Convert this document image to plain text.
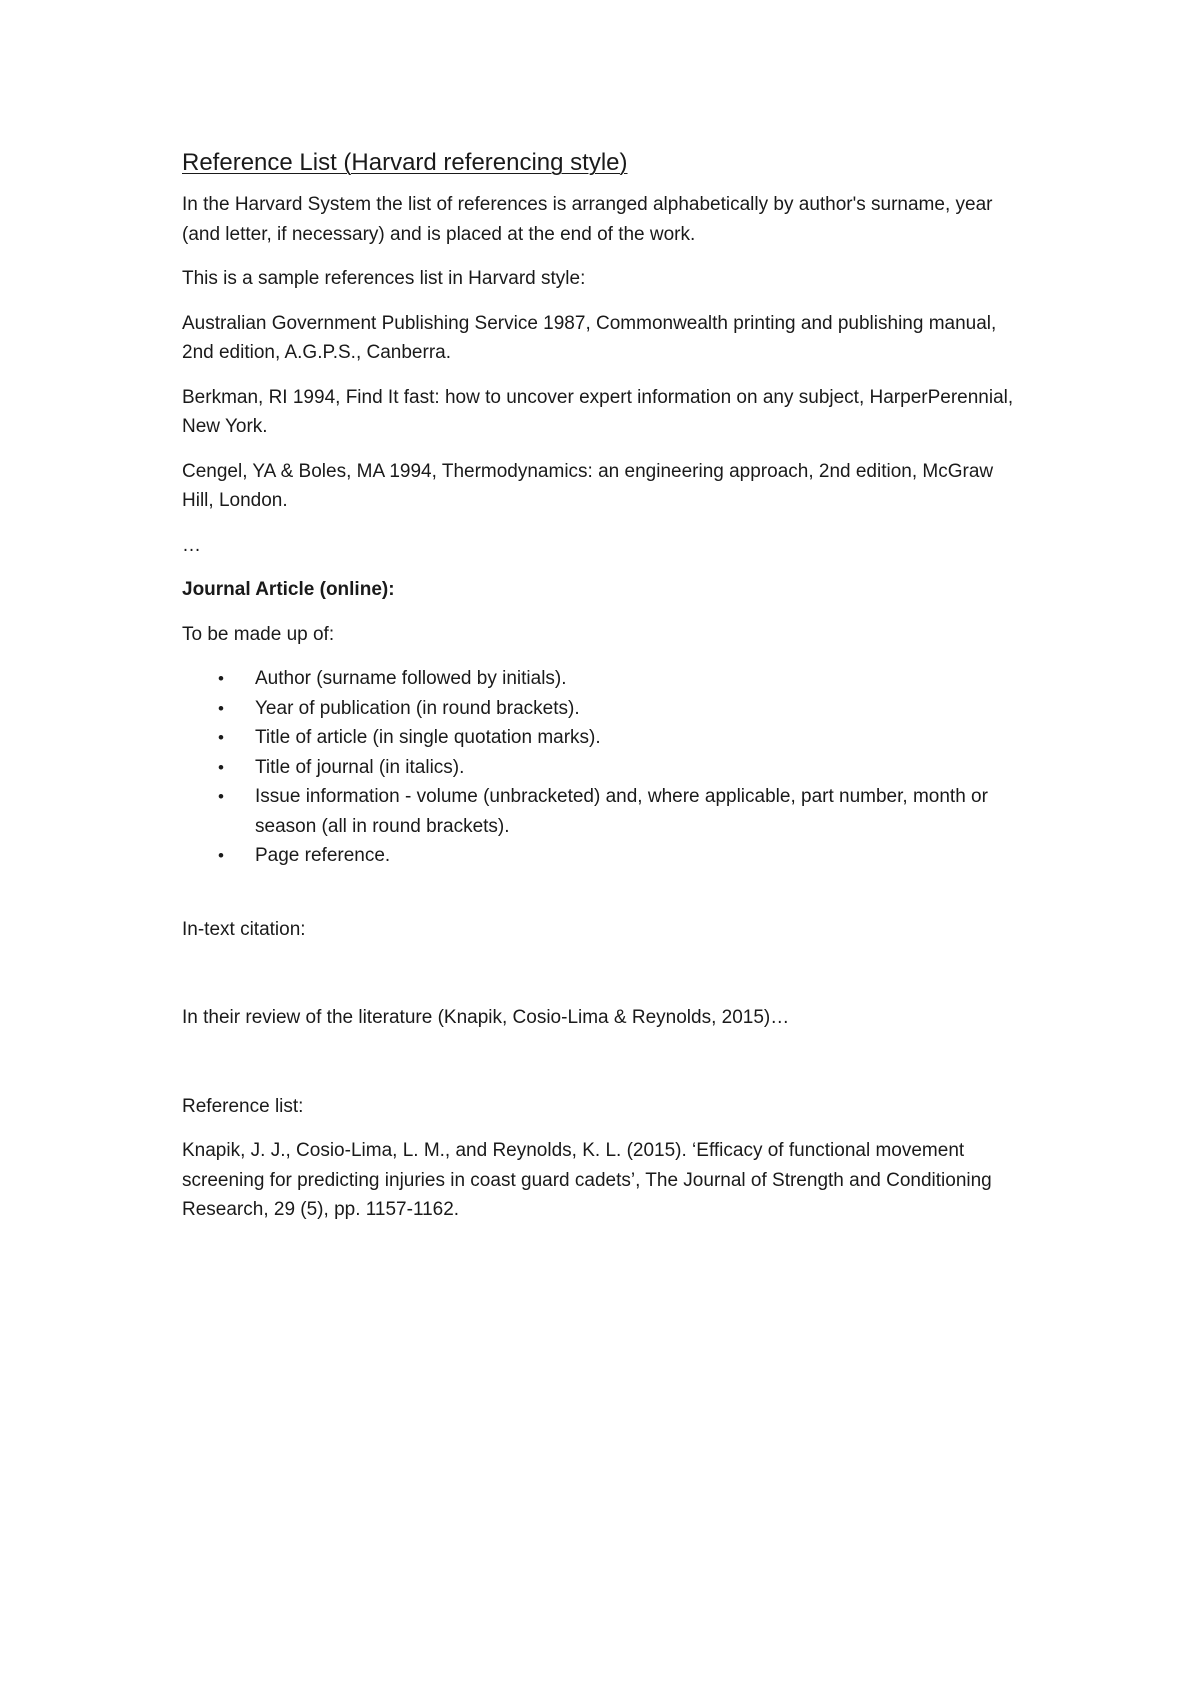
Reference List (Harvard referencing style)

In the Harvard System the list of references is arranged alphabetically by author's surname, year (and letter, if necessary) and is placed at the end of the work.

This is a sample references list in Harvard style:

Australian Government Publishing Service 1987, Commonwealth printing and publishing manual, 2nd edition, A.G.P.S., Canberra.

Berkman, RI 1994, Find It fast: how to uncover expert information on any subject, HarperPerennial, New York.

Cengel, YA & Boles, MA 1994, Thermodynamics: an engineering approach, 2nd edition, McGraw Hill, London.

…

Journal Article (online):

To be made up of:

• Author (surname followed by initials).
• Year of publication (in round brackets).
• Title of article (in single quotation marks).
• Title of journal (in italics).
• Issue information - volume (unbracketed) and, where applicable, part number, month or season (all in round brackets).
• Page reference.

In-text citation:

In their review of the literature (Knapik, Cosio-Lima & Reynolds, 2015)…

Reference list:

Knapik, J. J., Cosio-Lima, L. M., and Reynolds, K. L. (2015). ‘Efficacy of functional movement screening for predicting injuries in coast guard cadets’, The Journal of Strength and Conditioning Research, 29 (5), pp. 1157-1162.
